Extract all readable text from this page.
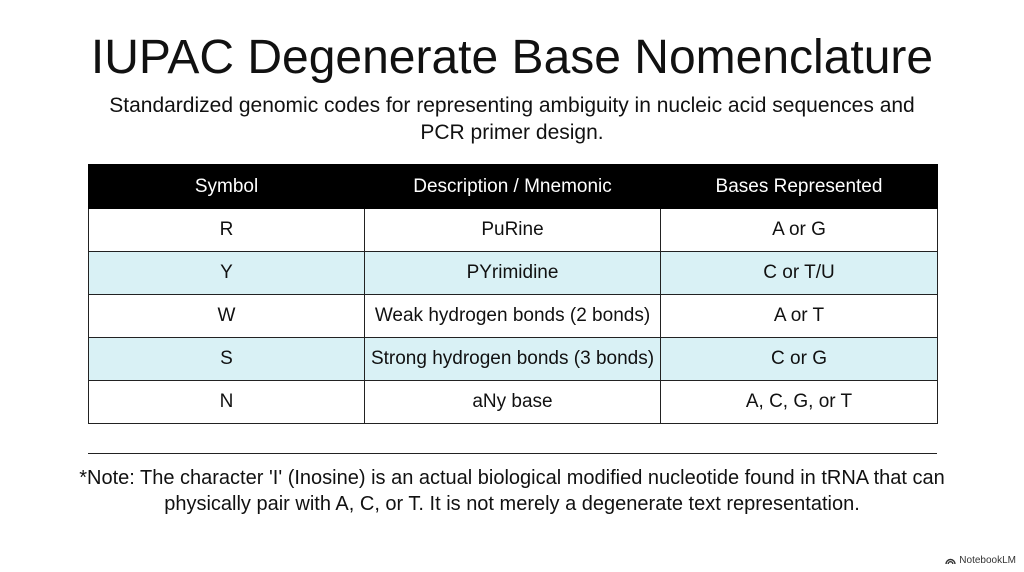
IUPAC Degenerate Base Nomenclature
Standardized genomic codes for representing ambiguity in nucleic acid sequences and PCR primer design.
Symbol	Description / Mnemonic	Bases Represented
R	PuRine	A or G
Y	PYrimidine	C or T/U
W	Weak hydrogen bonds (2 bonds)	A or T
S	Strong hydrogen bonds (3 bonds)	C or G
N	aNy base	A, C, G, or T
*Note: The character 'I' (Inosine) is an actual biological modified nucleotide found in tRNA that can physically pair with A, C, or T. It is not merely a degenerate text representation.
NotebookLM
